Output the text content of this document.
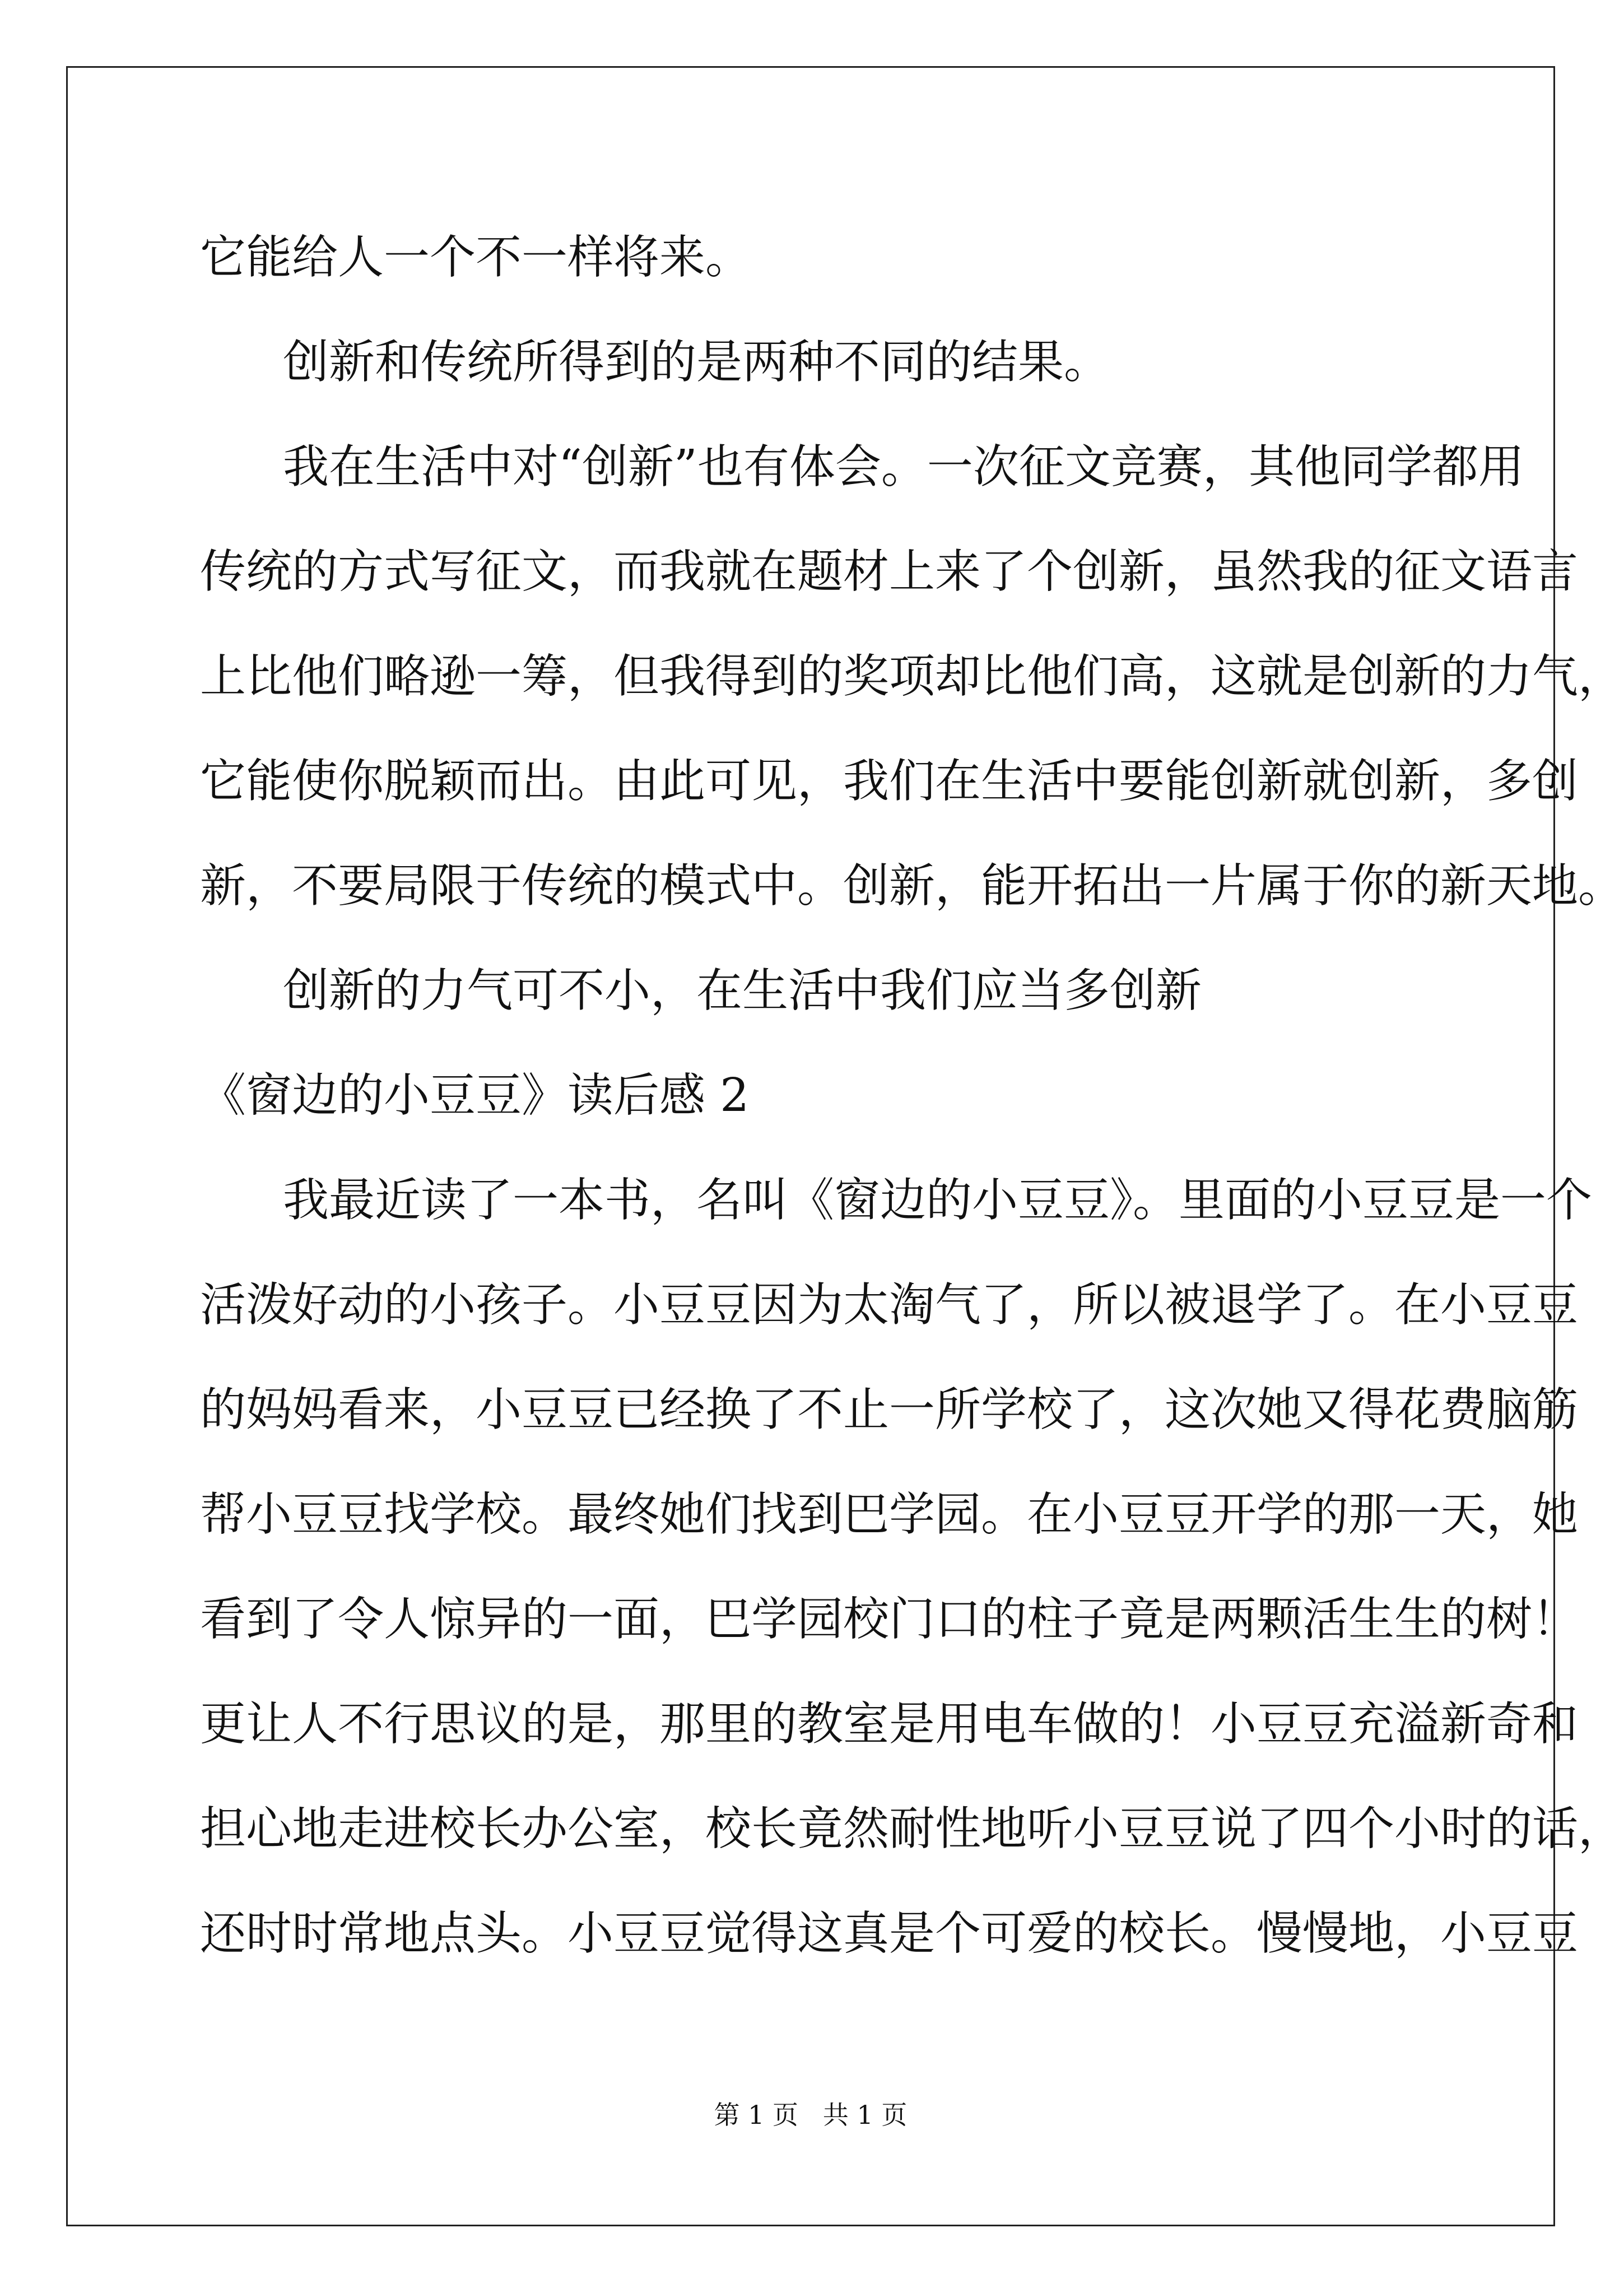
它能给人一个不一样将来。
创新和传统所得到的是两种不同的结果。
我在生活中对“创新”也有体会。一次征文竞赛，其他同学都用
传统的方式写征文，而我就在题材上来了个创新，虽然我的征文语言
上比他们略逊一筹，但我得到的奖项却比他们高，这就是创新的力气，
它能使你脱颖而出。由此可见，我们在生活中要能创新就创新，多创
新，不要局限于传统的模式中。创新，能开拓出一片属于你的新天地。
创新的力气可不小，在生活中我们应当多创新
《窗边的小豆豆》读后感 2
我最近读了一本书，名叫《窗边的小豆豆》。里面的小豆豆是一个
活泼好动的小孩子。小豆豆因为太淘气了，所以被退学了。在小豆豆
的妈妈看来，小豆豆已经换了不止一所学校了，这次她又得花费脑筋
帮小豆豆找学校。最终她们找到巴学园。在小豆豆开学的那一天，她
看到了令人惊异的一面，巴学园校门口的柱子竟是两颗活生生的树！
更让人不行思议的是，那里的教室是用电车做的！小豆豆充溢新奇和
担心地走进校长办公室，校长竟然耐性地听小豆豆说了四个小时的话，
还时时常地点头。小豆豆觉得这真是个可爱的校长。慢慢地，小豆豆
第 1 页   共 1 页
